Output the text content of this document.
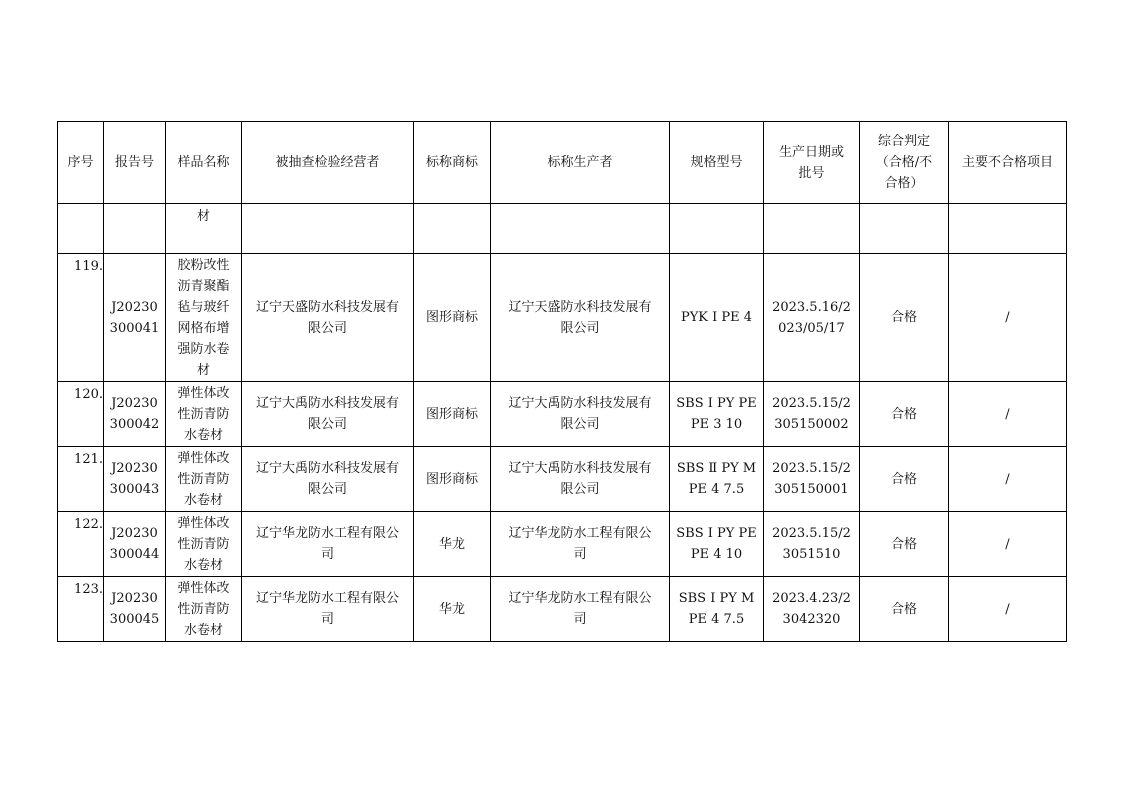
序号	报告号	样品名称	被抽查检验经营者	标称商标	标称生产者	规格型号	生产日期或批号	综合判定（合格/不合格）	主要不合格项目
		材							
119.	J20230300041	胶粉改性沥青聚酯毡与玻纤网格布增强防水卷材	辽宁天盛防水科技发展有限公司	图形商标	辽宁天盛防水科技发展有限公司	PYK Ⅰ PE 4	2023.5.16/2023/05/17	合格	/
120.	J20230300042	弹性体改性沥青防水卷材	辽宁大禹防水科技发展有限公司	图形商标	辽宁大禹防水科技发展有限公司	SBS Ⅰ PY PE PE 3 10	2023.5.15/2305150002	合格	/
121.	J20230300043	弹性体改性沥青防水卷材	辽宁大禹防水科技发展有限公司	图形商标	辽宁大禹防水科技发展有限公司	SBS Ⅱ PY M PE 4 7.5	2023.5.15/2305150001	合格	/
122.	J20230300044	弹性体改性沥青防水卷材	辽宁华龙防水工程有限公司	华龙	辽宁华龙防水工程有限公司	SBS Ⅰ PY PE PE 4 10	2023.5.15/23051510	合格	/
123.	J20230300045	弹性体改性沥青防水卷材	辽宁华龙防水工程有限公司	华龙	辽宁华龙防水工程有限公司	SBS Ⅰ PY M PE 4 7.5	2023.4.23/23042320	合格	/
